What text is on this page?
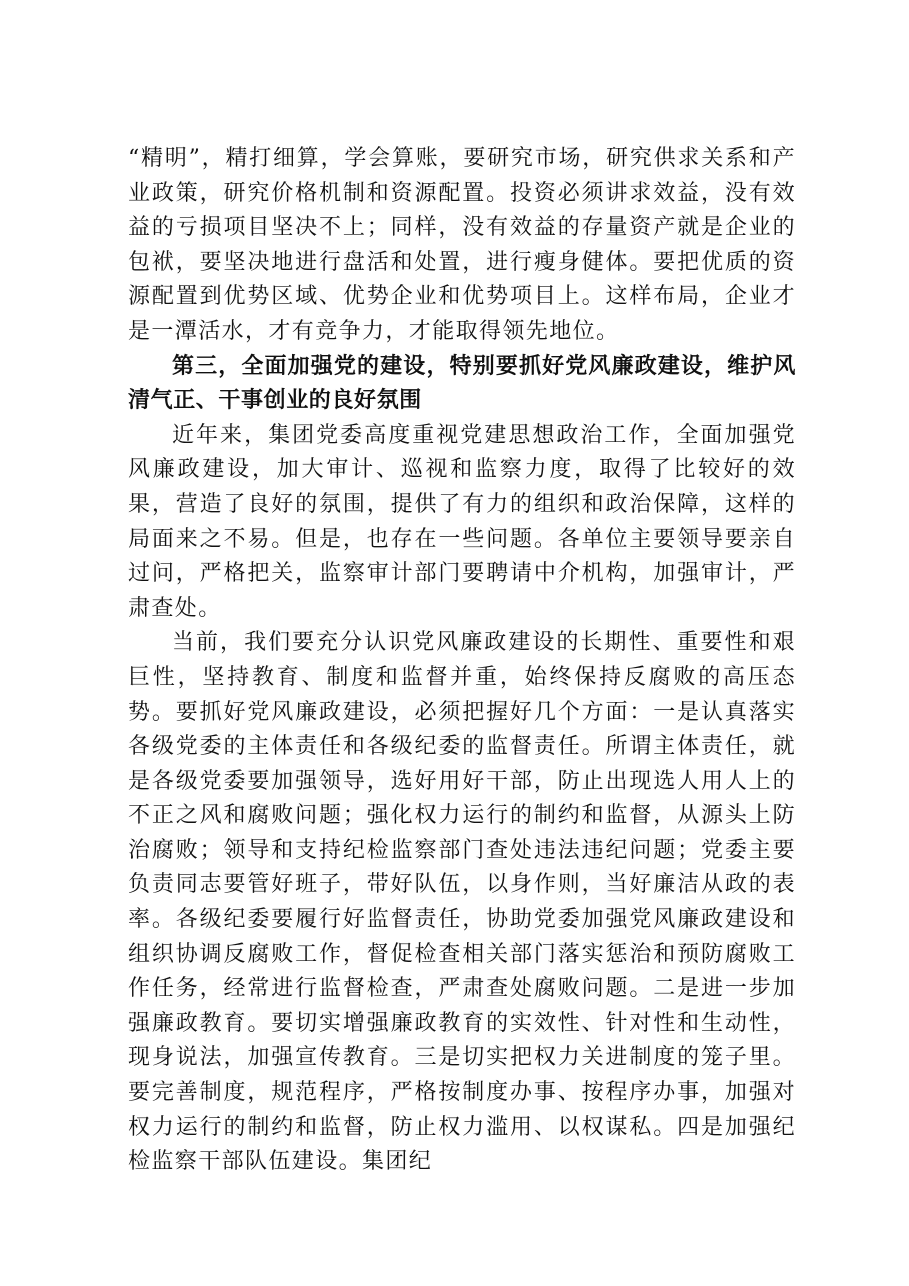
“精明”，精打细算，学会算账，要研究市场，研究供求关系和产业政策，研究价格机制和资源配置。投资必须讲求效益，没有效益的亏损项目坚决不上；同样，没有效益的存量资产就是企业的包袱，要坚决地进行盘活和处置，进行瘦身健体。要把优质的资源配置到优势区域、优势企业和优势项目上。这样布局，企业才是一潭活水，才有竞争力，才能取得领先地位。

第三，全面加强党的建设，特别要抓好党风廉政建设，维护风清气正、干事创业的良好氛围

近年来，集团党委高度重视党建思想政治工作，全面加强党风廉政建设，加大审计、巡视和监察力度，取得了比较好的效果，营造了良好的氛围，提供了有力的组织和政治保障，这样的局面来之不易。但是，也存在一些问题。各单位主要领导要亲自过问，严格把关，监察审计部门要聘请中介机构，加强审计，严肃查处。

当前，我们要充分认识党风廉政建设的长期性、重要性和艰巨性，坚持教育、制度和监督并重，始终保持反腐败的高压态势。要抓好党风廉政建设，必须把握好几个方面：一是认真落实各级党委的主体责任和各级纪委的监督责任。所谓主体责任，就是各级党委要加强领导，选好用好干部，防止出现选人用人上的不正之风和腐败问题；强化权力运行的制约和监督，从源头上防治腐败；领导和支持纪检监察部门查处违法违纪问题；党委主要负责同志要管好班子，带好队伍，以身作则，当好廉洁从政的表率。各级纪委要履行好监督责任，协助党委加强党风廉政建设和组织协调反腐败工作，督促检查相关部门落实惩治和预防腐败工作任务，经常进行监督检查，严肃查处腐败问题。二是进一步加强廉政教育。要切实增强廉政教育的实效性、针对性和生动性，现身说法，加强宣传教育。三是切实把权力关进制度的笼子里。要完善制度，规范程序，严格按制度办事、按程序办事，加强对权力运行的制约和监督，防止权力滥用、以权谋私。四是加强纪检监察干部队伍建设。集团纪
